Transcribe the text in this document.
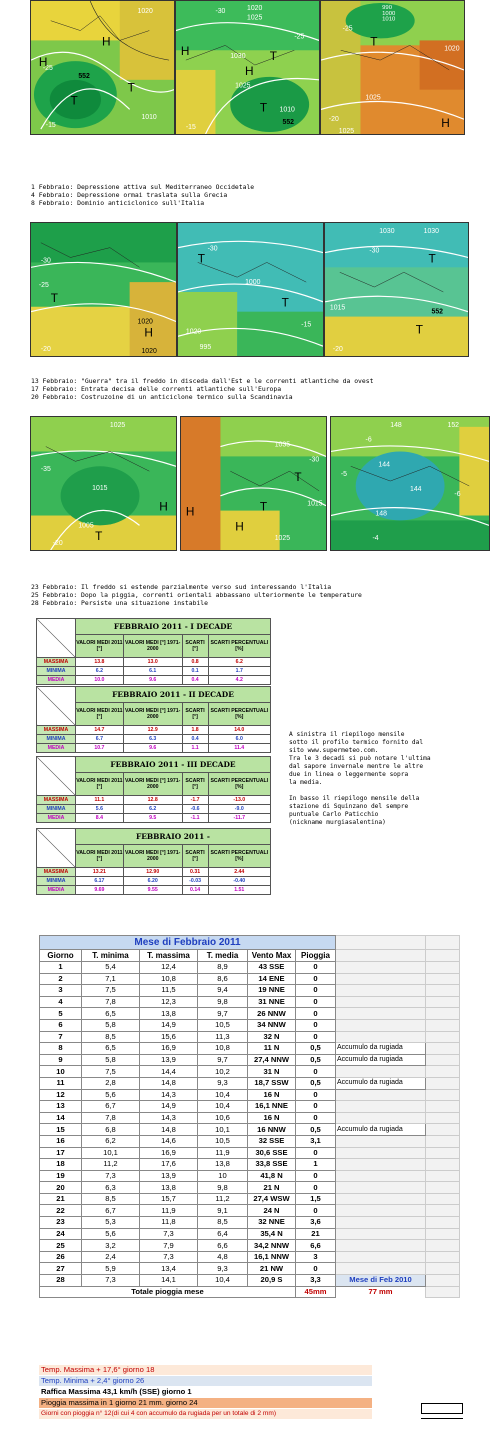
1020
-25
552
T
1010
-15
H
H
T
1020
1025
-30
1030
-25
T
1025
552
1010
-15
H
H
T
990
1000
1010
1020
-25
T
1025
-20
1025
H
1 Febbraio: Depressione attiva sul Mediterraneo Occidetale
4 Febbraio: Depressione ormai traslata sulla Grecia
8 Febbraio: Dominio anticiclonico sull'Italia
-30
-25
1020
T
H
1020
-20
-30
1000
1020
T
T
995
-15
1030	1030
-30
T
1015
552
-20
T
13 Febbraio: "Guerra" tra il freddo in disceda dall'Est e le correnti atlantiche da ovest
17 Febbraio: Entrata decisa delle correnti atlantiche sull'Europa
20 Febbraio: Costruzoine di un anticiclone termico sulla Scandinavia
1025
-35
1015
1005
T
-20
H
1035
-30
T
1015
T
1025
H
H
148	152
-6
144
-5
144
-6
148
-4
23 Febbraio: Il freddo si estende parzialmente verso sud interessando l'Italia
25 Febbraio: Dopo la piggia, correnti orientali abbassano ulteriormente le temperature
28 Febbraio: Persiste una situazione instabile
	FEBBRAIO 2011 - I DECADE			
	VALORI MEDI 2011 [°]	VALORI MEDI [°] 1971-2000	SCARTI [°]	SCARTI PERCENTUALI [%]
MASSIMA	13.8	13.0	0.8	6.2
MINIMA	6.2	6.1	0.1	1.7
MEDIA	10.0	9.6	0.4	4.2
	FEBBRAIO 2011 - II DECADE			
	VALORI MEDI 2011 [°]	VALORI MEDI [°] 1971-2000	SCARTI [°]	SCARTI PERCENTUALI [%]
MASSIMA	14.7	12.9	1.8	14.0
MINIMA	6.7	6.3	0.4	6.0
MEDIA	10.7	9.6	1.1	11.4
	FEBBRAIO 2011 - III DECADE			
	VALORI MEDI 2011 [°]	VALORI MEDI [°] 1971-2000	SCARTI [°]	SCARTI PERCENTUALI [%]
MASSIMA	11.1	12.8	-1.7	-13.0
MINIMA	5.6	6.2	-0.6	-9.0
MEDIA	8.4	9.5	-1.1	-11.7
	FEBBRAIO 2011 -			
	VALORI MEDI 2011 [°]	VALORI MEDI [°] 1971-2000	SCARTI [°]	SCARTI PERCENTUALI [%]
MASSIMA	13.21	12.90	0.31	2.44
MINIMA	6.17	6.20	-0.03	-0.40
MEDIA	9.69	9.55	0.14	1.51
A sinistra il riepilogo mensile
sotto il profilo termico fornito dal
sito www.supermeteo.com.
Tra le 3 decadi si può notare l'ultima
dal sapore invernale mentre le altre
due in linea o leggermente sopra
la media.
In basso il riepilogo mensile della
stazione di Squinzano del sempre
puntuale Carlo Paticchio
(nickname murgiasalentina)
Mese di Febbraio 2011							
Giorno	T. minima	T. massima	T. media	Vento Max	Pioggia		
1	5,4	12,4	8,9	43 SSE	0		
2	7,1	10,8	8,6	14 ENE	0		
3	7,5	11,5	9,4	19 NNE	0		
4	7,8	12,3	9,8	31 NNE	0		
5	6,5	13,8	9,7	26 NNW	0		
6	5,8	14,9	10,5	34 NNW	0		
7	8,5	15,6	11,3	32 N	0		
8	6,5	16,9	10,8	11 N	0,5	Accumulo da rugiada	
9	5,8	13,9	9,7	27,4 NNW	0,5	Accumulo da rugiada	
10	7,5	14,4	10,2	31 N	0		
11	2,8	14,8	9,3	18,7 SSW	0,5	Accumulo da rugiada	
12	5,6	14,3	10,4	16 N	0		
13	6,7	14,9	10,4	16,1 NNE	0		
14	7,8	14,3	10,6	16 N	0		
15	6,8	14,8	10,1	16 NNW	0,5	Accumulo da rugiada	
16	6,2	14,6	10,5	32 SSE	3,1		
17	10,1	16,9	11,9	30,6 SSE	0		
18	11,2	17,6	13,8	33,8 SSE	1		
19	7,3	13,9	10	41,8 N	0		
20	6,3	13,8	9,8	21 N	0		
21	8,5	15,7	11,2	27,4 WSW	1,5		
22	6,7	11,9	9,1	24 N	0		
23	5,3	11,8	8,5	32 NNE	3,6		
24	5,6	7,3	6,4	35,4 N	21		
25	3,2	7,9	6,6	34,2 NNW	6,6		
26	2,4	7,3	4,8	16,1 NNW	3		
27	5,9	13,4	9,3	21 NW	0		
28	7,3	14,1	10,4	20,9 S	3,3	Mese di Feb 2010	
Totale pioggia mese					45mm	77 mm	
Temp. Massima + 17,6° giorno 18
Temp. Minima + 2,4° giorno 26
Raffica Massima 43,1 km/h (SSE) giorno 1
Pioggia massima in 1 giorno 21 mm. giorno 24
Giorni con pioggia n° 12(di cui 4 con accumulo da rugiada per un totale di 2 mm)
